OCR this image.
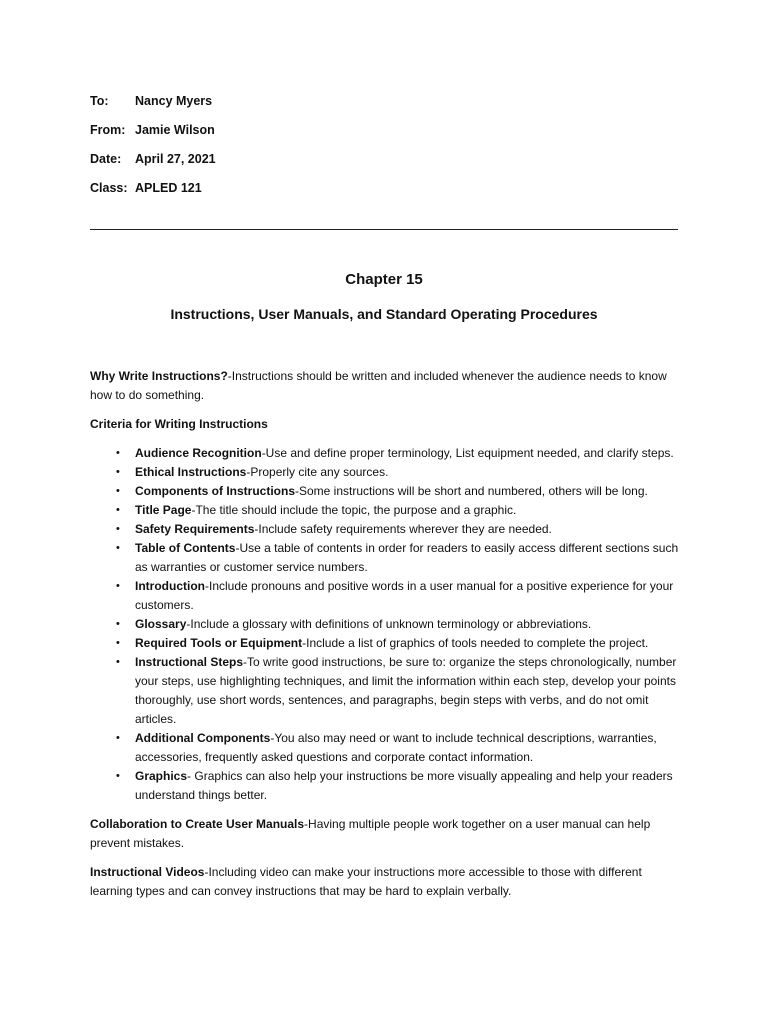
To:	Nancy Myers
From: Jamie Wilson
Date:	April 27, 2021
Class: APLED 121
Chapter 15
Instructions, User Manuals, and Standard Operating Procedures

Why Write Instructions?-Instructions should be written and included whenever the audience needs to know how to do something.

Criteria for Writing Instructions

• Audience Recognition-Use and define proper terminology, List equipment needed, and clarify steps.
• Ethical Instructions-Properly cite any sources.
• Components of Instructions-Some instructions will be short and numbered, others will be long.
• Title Page-The title should include the topic, the purpose and a graphic.
• Safety Requirements-Include safety requirements wherever they are needed.
• Table of Contents-Use a table of contents in order for readers to easily access different sections such as warranties or customer service numbers.
• Introduction-Include pronouns and positive words in a user manual for a positive experience for your customers.
• Glossary-Include a glossary with definitions of unknown terminology or abbreviations.
• Required Tools or Equipment-Include a list of graphics of tools needed to complete the project.
• Instructional Steps-To write good instructions, be sure to: organize the steps chronologically, number your steps, use highlighting techniques, and limit the information within each step, develop your points thoroughly, use short words, sentences, and paragraphs, begin steps with verbs, and do not omit articles.
• Additional Components-You also may need or want to include technical descriptions, warranties, accessories, frequently asked questions and corporate contact information.
• Graphics- Graphics can also help your instructions be more visually appealing and help your readers understand things better.

Collaboration to Create User Manuals-Having multiple people work together on a user manual can help prevent mistakes.

Instructional Videos-Including video can make your instructions more accessible to those with different learning types and can convey instructions that may be hard to explain verbally.
